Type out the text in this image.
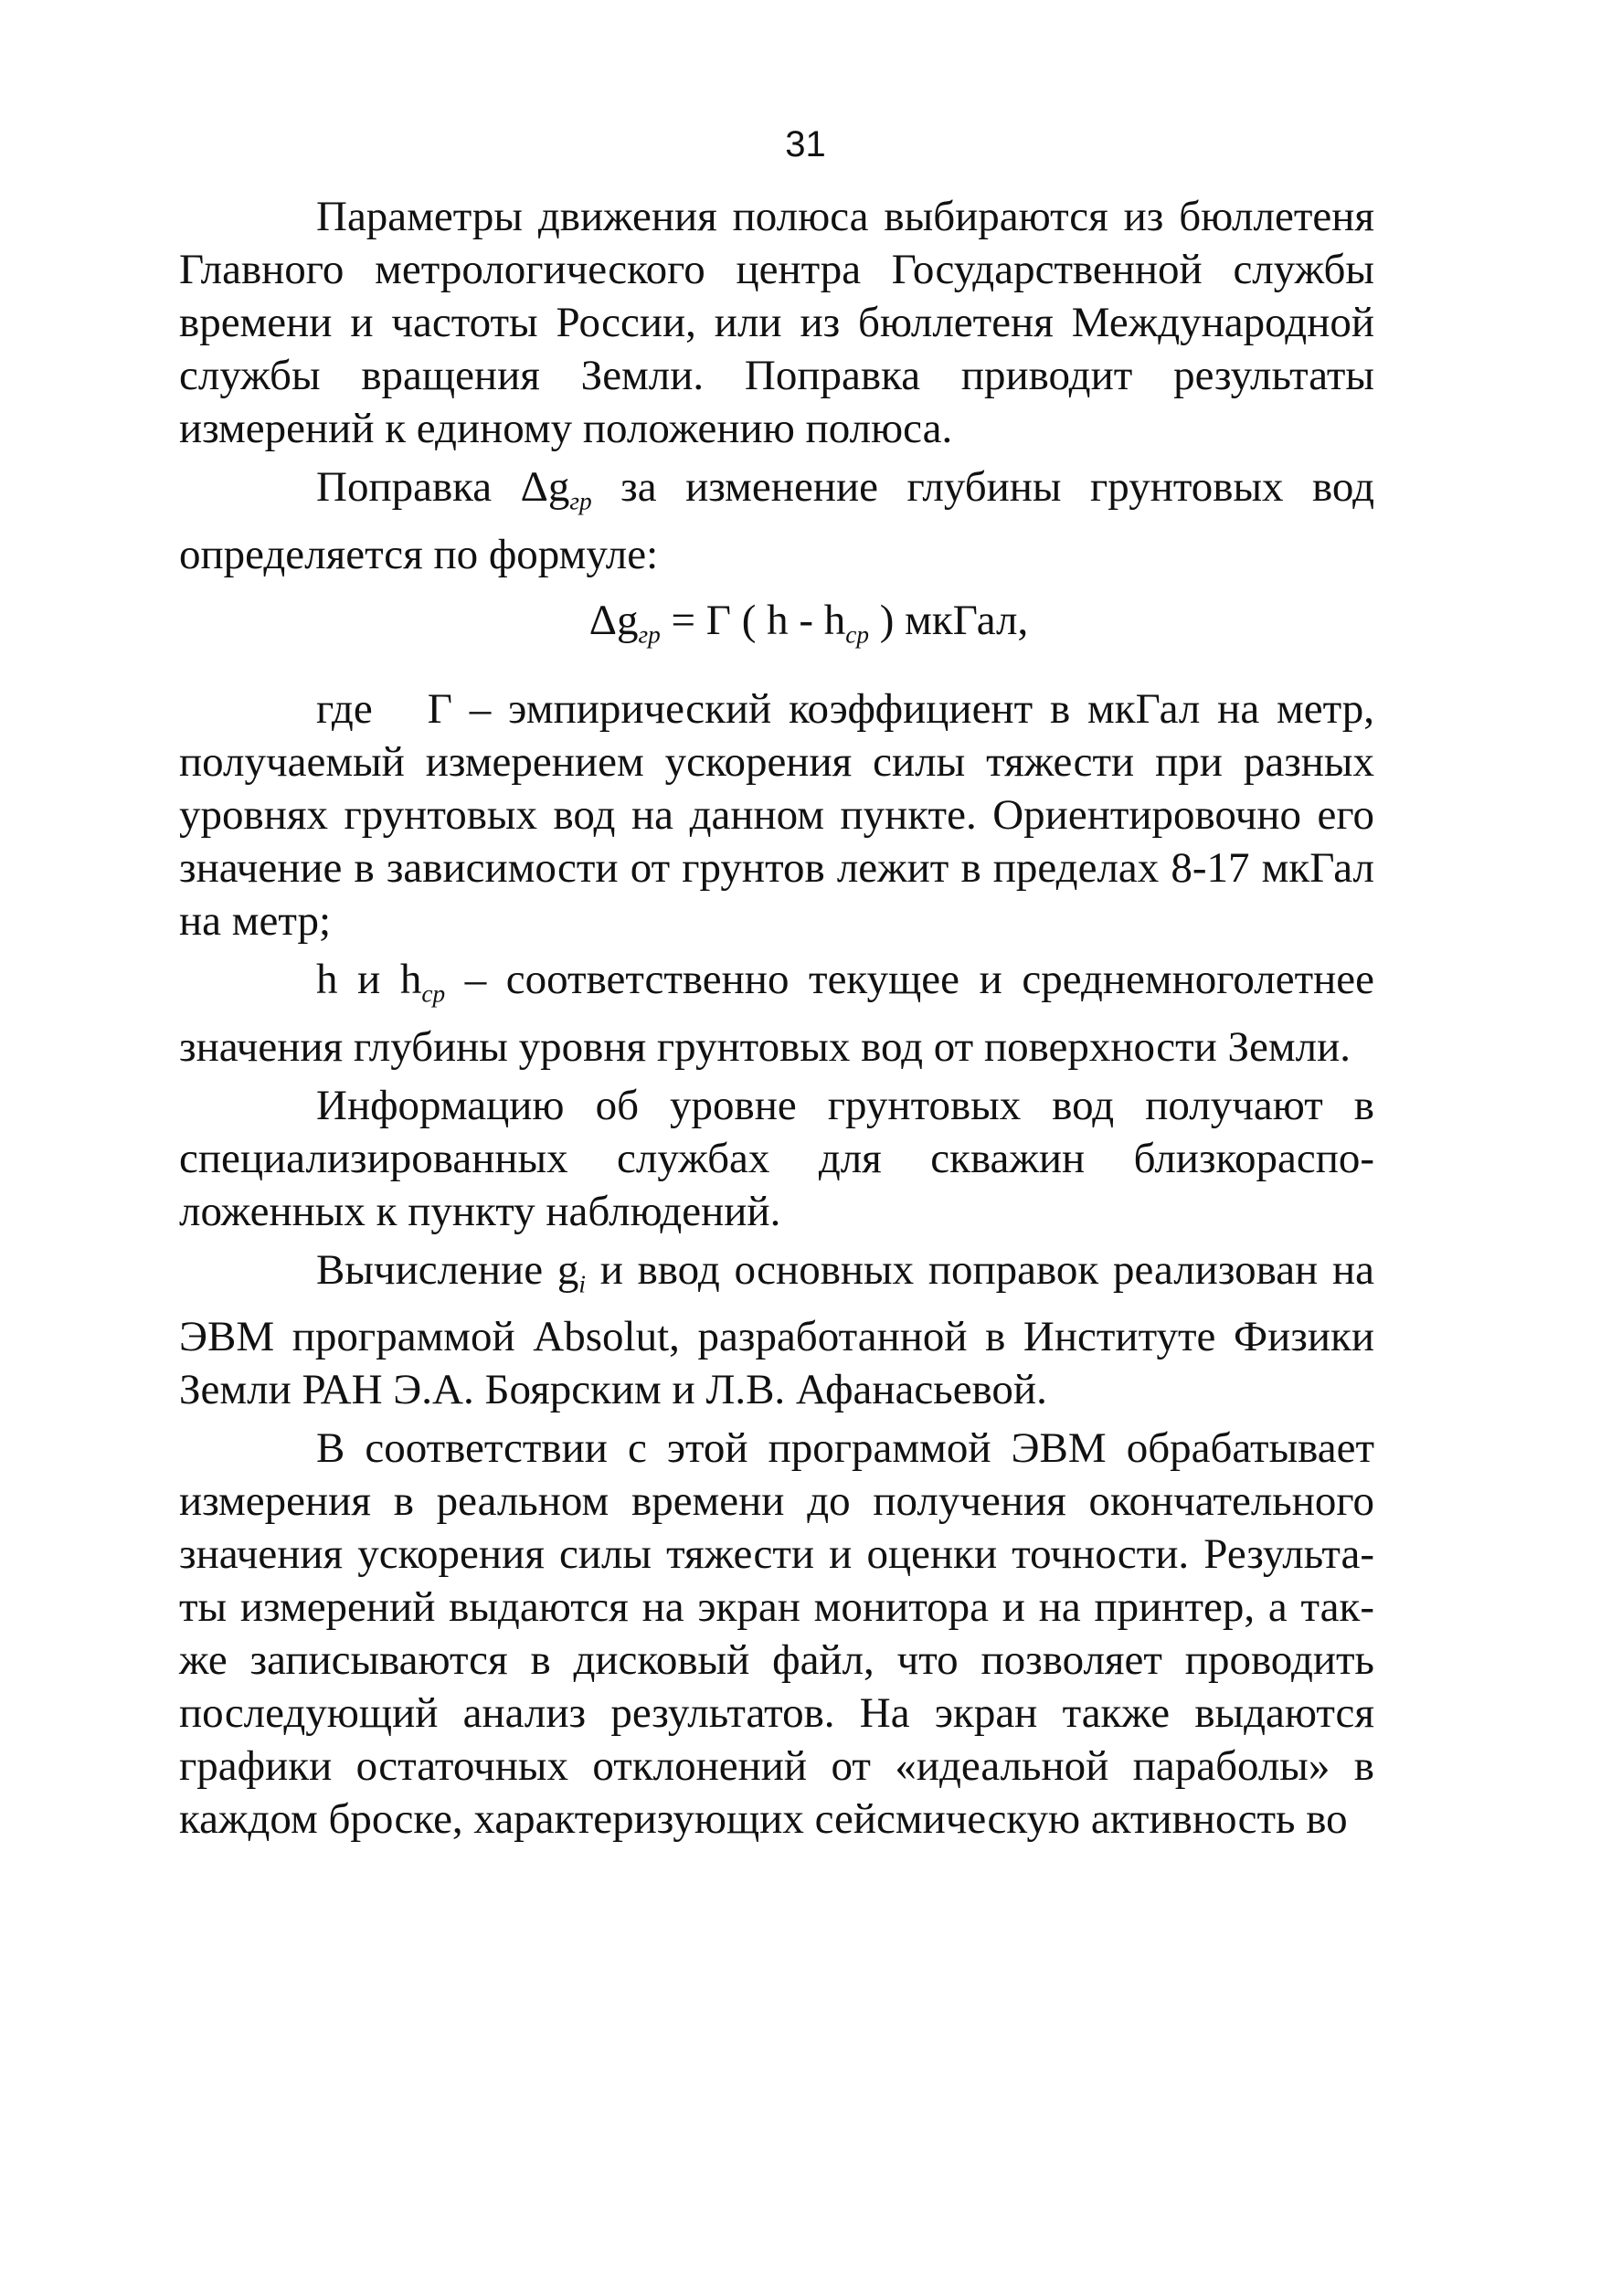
31

Параметры движения полюса выбираются из бюллетеня Главного метрологического центра Государственной службы времени и частоты России, или из бюллетеня Международной службы вращения Земли. Поправка приводит результаты измерений к единому положению полюса.

Поправка $\Delta g_{гр}$ за изменение глубины грунтовых вод определяется по формуле:

$\Delta g_{гр} = Г$ ( h - $h_{ср}$ ) мкГал,

где Г – эмпирический коэффициент в мкГал на метр, получаемый измерением ускорения силы тяжести при разных уровнях грунтовых вод на данном пункте. Ориентировочно его значение в зависимости от грунтов лежит в пределах 8-17 мкГал на метр;

h и $h_{ср}$ – соответственно текущее и среднемноголетнее значения глубины уровня грунтовых вод от поверхности Земли.

Информацию об уровне грунтовых вод получают в специализированных службах для скважин близкорасположенных к пункту наблюдений.

Вычисление $g_i$ и ввод основных поправок реализован на ЭВМ программой Absolut, разработанной в Институте Физики Земли РАН Э.А. Боярским и Л.В. Афанасьевой.

В соответствии с этой программой ЭВМ обрабатывает измерения в реальном времени до получения окончательного значения ускорения силы тяжести и оценки точности. Результаты измерений выдаются на экран монитора и на принтер, а также записываются в дисковый файл, что позволяет проводить последующий анализ результатов. На экран также выдаются графики остаточных отклонений от «идеальной параболы» в каждом броске, характеризующих сейсмическую активность во
